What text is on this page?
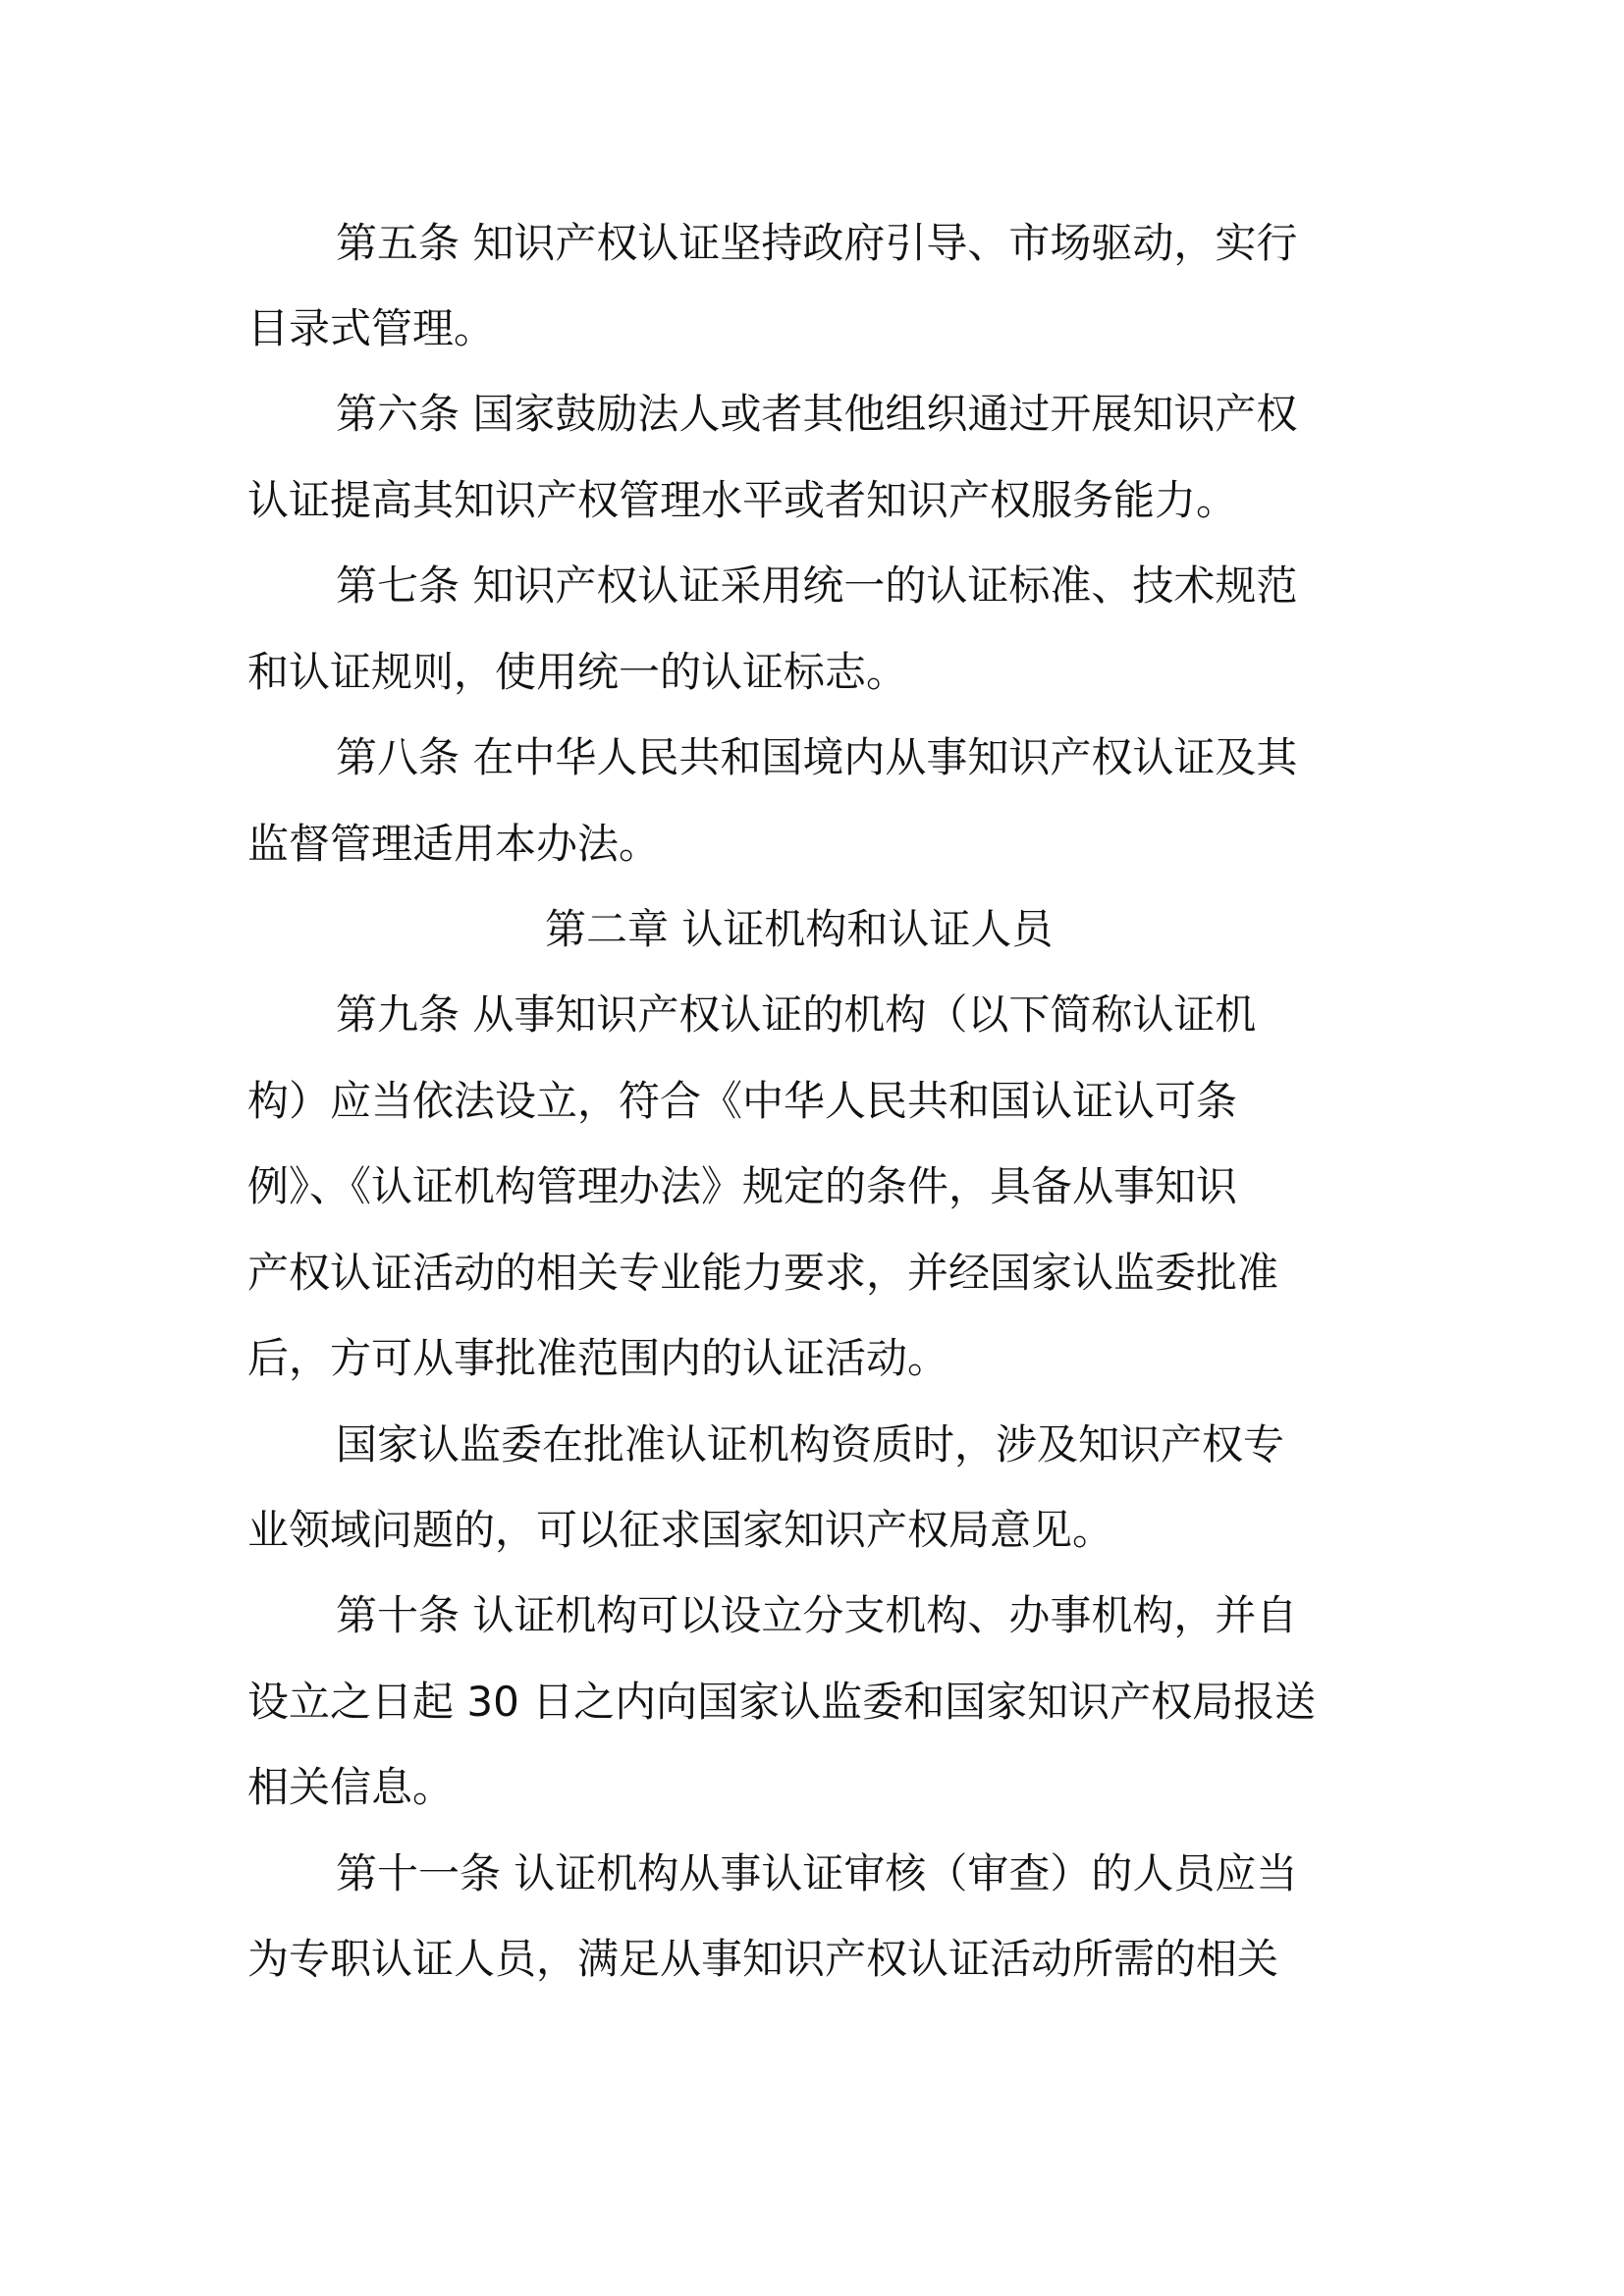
第五条 知识产权认证坚持政府引导、市场驱动，实行
目录式管理。
第六条 国家鼓励法人或者其他组织通过开展知识产权
认证提高其知识产权管理水平或者知识产权服务能力。
第七条 知识产权认证采用统一的认证标准、技术规范
和认证规则，使用统一的认证标志。
第八条 在中华人民共和国境内从事知识产权认证及其
监督管理适用本办法。
第二章 认证机构和认证人员
第九条 从事知识产权认证的机构（以下简称认证机
构）应当依法设立，符合《中华人民共和国认证认可条
例》、《认证机构管理办法》规定的条件，具备从事知识
产权认证活动的相关专业能力要求，并经国家认监委批准
后，方可从事批准范围内的认证活动。
国家认监委在批准认证机构资质时，涉及知识产权专
业领域问题的，可以征求国家知识产权局意见。
第十条 认证机构可以设立分支机构、办事机构，并自
设立之日起 30 日之内向国家认监委和国家知识产权局报送
相关信息。
第十一条 认证机构从事认证审核（审查）的人员应当
为专职认证人员，满足从事知识产权认证活动所需的相关
